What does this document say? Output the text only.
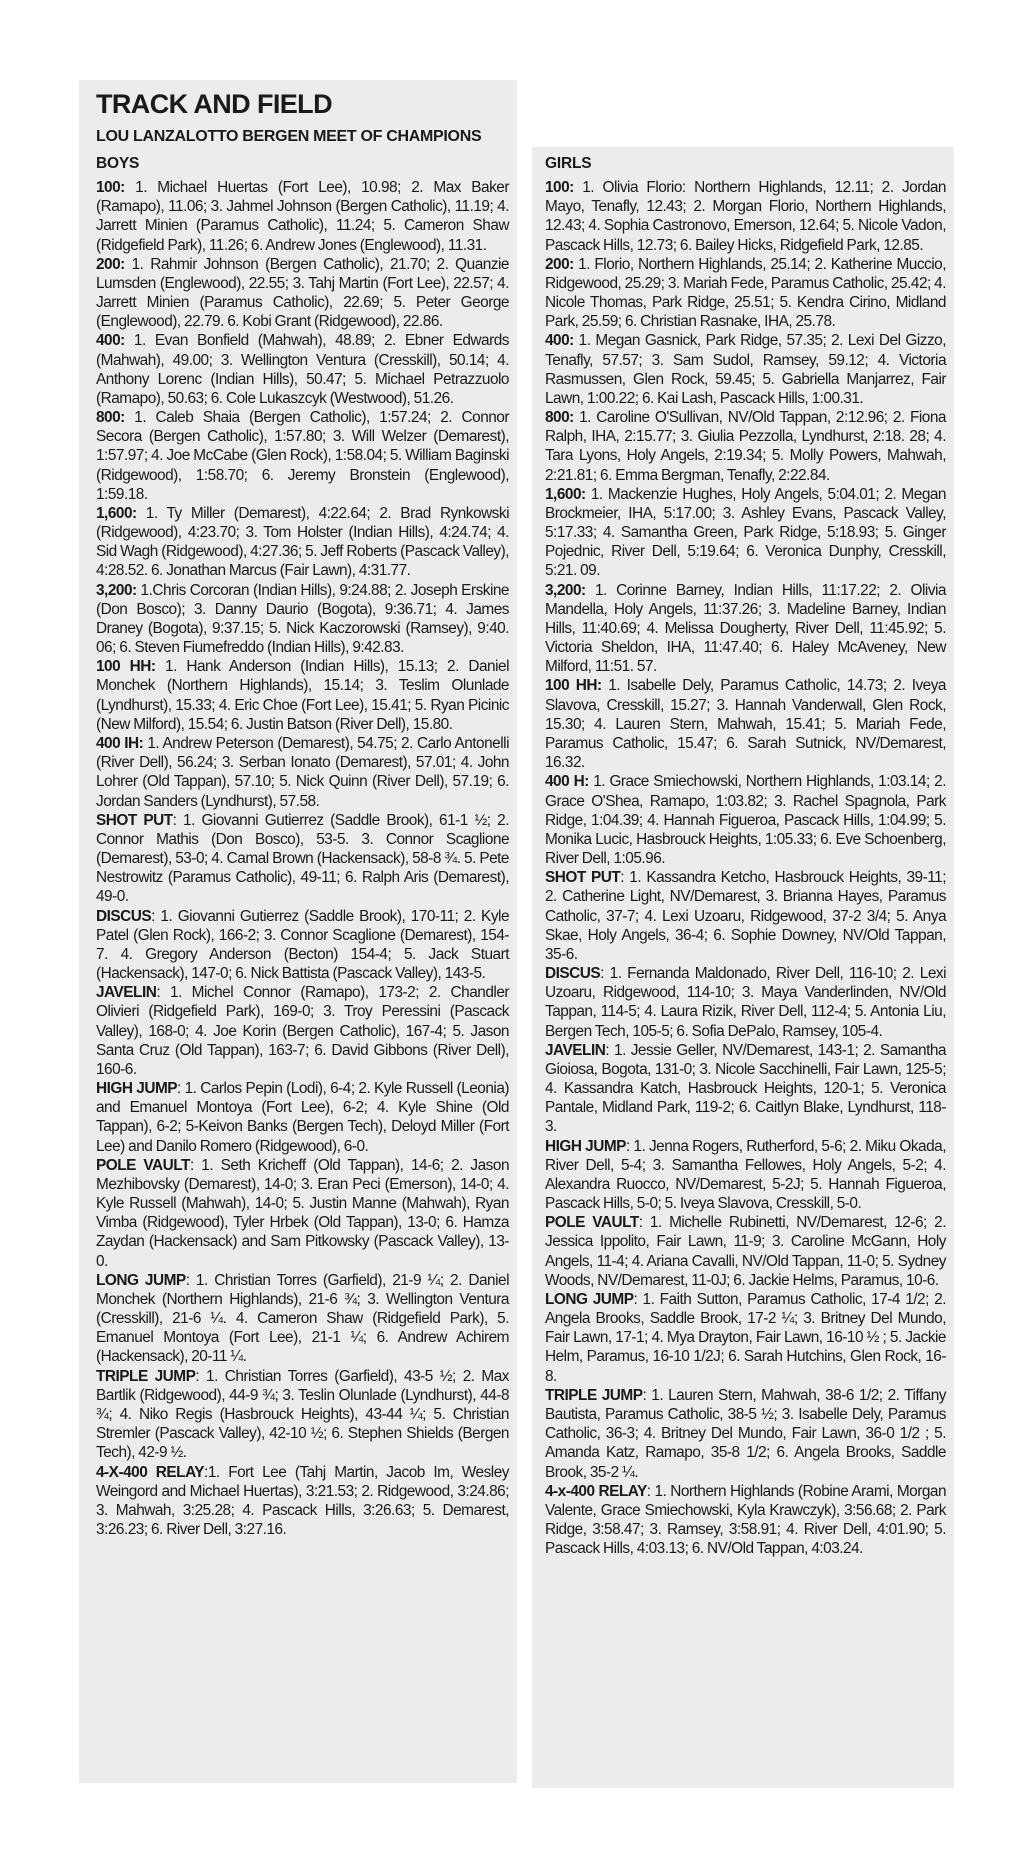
TRACK AND FIELD
LOU LANZALOTTO BERGEN MEET OF CHAMPIONS
BOYS

100: 1. Michael Huertas (Fort Lee), 10.98; 2. Max Baker (Ramapo), 11.06; 3. Jahmel Johnson (Bergen Catholic), 11.19; 4. Jarrett Minien (Paramus Catholic), 11.24; 5. Cameron Shaw (Ridgefield Park), 11.26; 6. Andrew Jones (Englewood), 11.31.

200: 1. Rahmir Johnson (Bergen Catholic), 21.70; 2. Quanzie Lumsden (Englewood), 22.55; 3. Tahj Martin (Fort Lee), 22.57; 4. Jarrett Minien (Paramus Catholic), 22.69; 5. Peter George (Englewood), 22.79. 6. Kobi Grant (Ridgewood), 22.86.

400: 1. Evan Bonfield (Mahwah), 48.89; 2. Ebner Edwards (Mahwah), 49.00; 3. Wellington Ventura (Cresskill), 50.14; 4. Anthony Lorenc (Indian Hills), 50.47; 5. Michael Petrazzuolo (Ramapo), 50.63; 6. Cole Lukaszcyk (Westwood), 51.26.

800: 1. Caleb Shaia (Bergen Catholic), 1:57.24; 2. Connor Secora (Bergen Catholic), 1:57.80; 3. Will Welzer (Demarest), 1:57.97; 4. Joe McCabe (Glen Rock), 1:58.04; 5. William Baginski (Ridgewood), 1:58.70; 6. Jeremy Bronstein (Englewood), 1:59.18.

1,600: 1. Ty Miller (Demarest), 4:22.64; 2. Brad Rynkowski (Ridgewood), 4:23.70; 3. Tom Holster (Indian Hills), 4:24.74; 4. Sid Wagh (Ridgewood), 4:27.36; 5. Jeff Roberts (Pascack Valley), 4:28.52. 6. Jonathan Marcus (Fair Lawn), 4:31.77.

3,200: 1.Chris Corcoran (Indian Hills), 9:24.88; 2. Joseph Erskine (Don Bosco); 3. Danny Daurio (Bogota), 9:36.71; 4. James Draney (Bogota), 9:37.15; 5. Nick Kaczorowski (Ramsey), 9:40. 06; 6. Steven Fiumefreddo (Indian Hills), 9:42.83.

100 HH: 1. Hank Anderson (Indian Hills), 15.13; 2. Daniel Monchek (Northern Highlands), 15.14; 3. Teslim Olunlade (Lyndhurst), 15.33; 4. Eric Choe (Fort Lee), 15.41; 5. Ryan Picinic (New Milford), 15.54; 6. Justin Batson (River Dell), 15.80.

400 IH: 1. Andrew Peterson (Demarest), 54.75; 2. Carlo Antonelli (River Dell), 56.24; 3. Serban Ionato (Demarest), 57.01; 4. John Lohrer (Old Tappan), 57.10; 5. Nick Quinn (River Dell), 57.19; 6. Jordan Sanders (Lyndhurst), 57.58.

SHOT PUT: 1. Giovanni Gutierrez (Saddle Brook), 61-1 ½; 2. Connor Mathis (Don Bosco), 53-5. 3. Connor Scaglione (Demarest), 53-0; 4. Camal Brown (Hackensack), 58-8 ¾. 5. Pete Nestrowitz (Paramus Catholic), 49-11; 6. Ralph Aris (Demarest), 49-0.

DISCUS: 1. Giovanni Gutierrez (Saddle Brook), 170-11; 2. Kyle Patel (Glen Rock), 166-2; 3. Connor Scaglione (Demarest), 154-7. 4. Gregory Anderson (Becton) 154-4; 5. Jack Stuart (Hackensack), 147-0; 6. Nick Battista (Pascack Valley), 143-5.

JAVELIN: 1. Michel Connor (Ramapo), 173-2; 2. Chandler Olivieri (Ridgefield Park), 169-0; 3. Troy Peressini (Pascack Valley), 168-0; 4. Joe Korin (Bergen Catholic), 167-4; 5. Jason Santa Cruz (Old Tappan), 163-7; 6. David Gibbons (River Dell), 160-6.

HIGH JUMP: 1. Carlos Pepin (Lodi), 6-4; 2. Kyle Russell (Leonia) and Emanuel Montoya (Fort Lee), 6-2; 4. Kyle Shine (Old Tappan), 6-2; 5-Keivon Banks (Bergen Tech), Deloyd Miller (Fort Lee) and Danilo Romero (Ridgewood), 6-0.

POLE VAULT: 1. Seth Kricheff (Old Tappan), 14-6; 2. Jason Mezhibovsky (Demarest), 14-0; 3. Eran Peci (Emerson), 14-0; 4. Kyle Russell (Mahwah), 14-0; 5. Justin Manne (Mahwah), Ryan Vimba (Ridgewood), Tyler Hrbek (Old Tappan), 13-0; 6. Hamza Zaydan (Hackensack) and Sam Pitkowsky (Pascack Valley), 13-0.

LONG JUMP: 1. Christian Torres (Garfield), 21-9 ¼; 2. Daniel Monchek (Northern Highlands), 21-6 ¾; 3. Wellington Ventura (Cresskill), 21-6 ¼. 4. Cameron Shaw (Ridgefield Park), 5. Emanuel Montoya (Fort Lee), 21-1 ¼; 6. Andrew Achirem (Hackensack), 20-11 ¼.

TRIPLE JUMP: 1. Christian Torres (Garfield), 43-5 ½; 2. Max Bartlik (Ridgewood), 44-9 ¾; 3. Teslin Olunlade (Lyndhurst), 44-8 ¾; 4. Niko Regis (Hasbrouck Heights), 43-44 ¼; 5. Christian Stremler (Pascack Valley), 42-10 ½; 6. Stephen Shields (Bergen Tech), 42-9 ½.

4-X-400 RELAY:1. Fort Lee (Tahj Martin, Jacob Im, Wesley Weingord and Michael Huertas), 3:21.53; 2. Ridgewood, 3:24.86; 3. Mahwah, 3:25.28; 4. Pascack Hills, 3:26.63; 5. Demarest, 3:26.23; 6. River Dell, 3:27.16.

GIRLS

100: 1. Olivia Florio: Northern Highlands, 12.11; 2. Jordan Mayo, Tenafly, 12.43; 2. Morgan Florio, Northern Highlands, 12.43; 4. Sophia Castronovo, Emerson, 12.64; 5. Nicole Vadon, Pascack Hills, 12.73; 6. Bailey Hicks, Ridgefield Park, 12.85.

200: 1. Florio, Northern Highlands, 25.14; 2. Katherine Muccio, Ridgewood, 25.29; 3. Mariah Fede, Paramus Catholic, 25.42; 4. Nicole Thomas, Park Ridge, 25.51; 5. Kendra Cirino, Midland Park, 25.59; 6. Christian Rasnake, IHA, 25.78.

400: 1. Megan Gasnick, Park Ridge, 57.35; 2. Lexi Del Gizzo, Tenafly, 57.57; 3. Sam Sudol, Ramsey, 59.12; 4. Victoria Rasmussen, Glen Rock, 59.45; 5. Gabriella Manjarrez, Fair Lawn, 1:00.22; 6. Kai Lash, Pascack Hills, 1:00.31.

800: 1. Caroline O'Sullivan, NV/Old Tappan, 2:12.96; 2. Fiona Ralph, IHA, 2:15.77; 3. Giulia Pezzolla, Lyndhurst, 2:18. 28; 4. Tara Lyons, Holy Angels, 2:19.34; 5. Molly Powers, Mahwah, 2:21.81; 6. Emma Bergman, Tenafly, 2:22.84.

1,600: 1. Mackenzie Hughes, Holy Angels, 5:04.01; 2. Megan Brockmeier, IHA, 5:17.00; 3. Ashley Evans, Pascack Valley, 5:17.33; 4. Samantha Green, Park Ridge, 5:18.93; 5. Ginger Pojednic, River Dell, 5:19.64; 6. Veronica Dunphy, Cresskill, 5:21. 09.

3,200: 1. Corinne Barney, Indian Hills, 11:17.22; 2. Olivia Mandella, Holy Angels, 11:37.26; 3. Madeline Barney, Indian Hills, 11:40.69; 4. Melissa Dougherty, River Dell, 11:45.92; 5. Victoria Sheldon, IHA, 11:47.40; 6. Haley McAveney, New Milford, 11:51. 57.

100 HH: 1. Isabelle Dely, Paramus Catholic, 14.73; 2. Iveya Slavova, Cresskill, 15.27; 3. Hannah Vanderwall, Glen Rock, 15.30; 4. Lauren Stern, Mahwah, 15.41; 5. Mariah Fede, Paramus Catholic, 15.47; 6. Sarah Sutnick, NV/Demarest, 16.32.

400 H: 1. Grace Smiechowski, Northern Highlands, 1:03.14; 2. Grace O'Shea, Ramapo, 1:03.82; 3. Rachel Spagnola, Park Ridge, 1:04.39; 4. Hannah Figueroa, Pascack Hills, 1:04.99; 5. Monika Lucic, Hasbrouck Heights, 1:05.33; 6. Eve Schoenberg, River Dell, 1:05.96.

SHOT PUT: 1. Kassandra Ketcho, Hasbrouck Heights, 39-11; 2. Catherine Light, NV/Demarest, 3. Brianna Hayes, Paramus Catholic, 37-7; 4. Lexi Uzoaru, Ridgewood, 37-2 3/4; 5. Anya Skae, Holy Angels, 36-4; 6. Sophie Downey, NV/Old Tappan, 35-6.

DISCUS: 1. Fernanda Maldonado, River Dell, 116-10; 2. Lexi Uzoaru, Ridgewood, 114-10; 3. Maya Vanderlinden, NV/Old Tappan, 114-5; 4. Laura Rizik, River Dell, 112-4; 5. Antonia Liu, Bergen Tech, 105-5; 6. Sofia DePalo, Ramsey, 105-4.

JAVELIN: 1. Jessie Geller, NV/Demarest, 143-1; 2. Samantha Gioiosa, Bogota, 131-0; 3. Nicole Sacchinelli, Fair Lawn, 125-5; 4. Kassandra Katch, Hasbrouck Heights, 120-1; 5. Veronica Pantale, Midland Park, 119-2; 6. Caitlyn Blake, Lyndhurst, 118-3.

HIGH JUMP: 1. Jenna Rogers, Rutherford, 5-6; 2. Miku Okada, River Dell, 5-4; 3. Samantha Fellowes, Holy Angels, 5-2; 4. Alexandra Ruocco, NV/Demarest, 5-2J; 5. Hannah Figueroa, Pascack Hills, 5-0; 5. Iveya Slavova, Cresskill, 5-0.

POLE VAULT: 1. Michelle Rubinetti, NV/Demarest, 12-6; 2. Jessica Ippolito, Fair Lawn, 11-9; 3. Caroline McGann, Holy Angels, 11-4; 4. Ariana Cavalli, NV/Old Tappan, 11-0; 5. Sydney Woods, NV/Demarest, 11-0J; 6. Jackie Helms, Paramus, 10-6.

LONG JUMP: 1. Faith Sutton, Paramus Catholic, 17-4 1/2; 2. Angela Brooks, Saddle Brook, 17-2 ¼; 3. Britney Del Mundo, Fair Lawn, 17-1; 4. Mya Drayton, Fair Lawn, 16-10 ½ ; 5. Jackie Helm, Paramus, 16-10 1/2J; 6. Sarah Hutchins, Glen Rock, 16-8.

TRIPLE JUMP: 1. Lauren Stern, Mahwah, 38-6 1/2; 2. Tiffany Bautista, Paramus Catholic, 38-5 ½; 3. Isabelle Dely, Paramus Catholic, 36-3; 4. Britney Del Mundo, Fair Lawn, 36-0 1/2 ; 5. Amanda Katz, Ramapo, 35-8 1/2; 6. Angela Brooks, Saddle Brook, 35-2 ¼.

4-x-400 RELAY: 1. Northern Highlands (Robine Arami, Morgan Valente, Grace Smiechowski, Kyla Krawczyk), 3:56.68; 2. Park Ridge, 3:58.47; 3. Ramsey, 3:58.91; 4. River Dell, 4:01.90; 5. Pascack Hills, 4:03.13; 6. NV/Old Tappan, 4:03.24.
